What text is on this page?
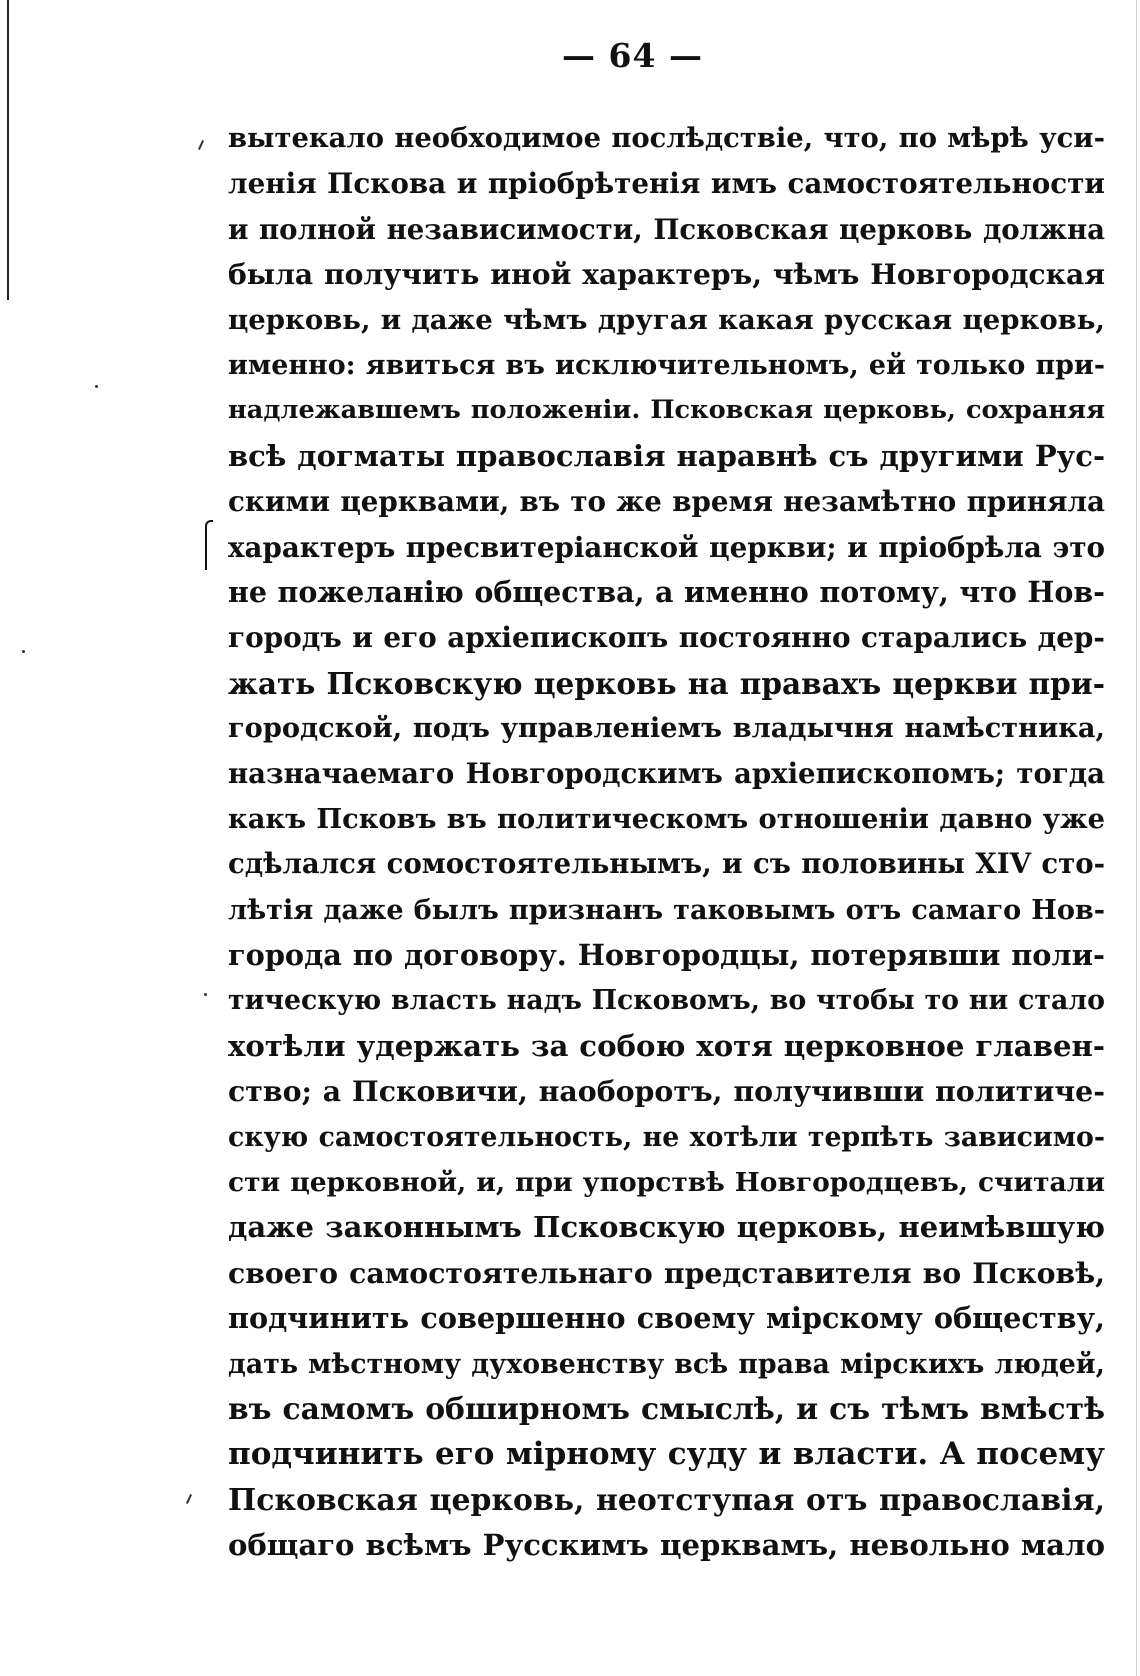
— 64 —
вытекало необходимое послѣдствіе, что, по мѣрѣ уси-
ленія Пскова и пріобрѣтенія имъ самостоятельности
и полной независимости, Псковская церковь должна
была получить иной характеръ, чѣмъ Новгородская
церковь, и даже чѣмъ другая какая русская церковь,
именно: явиться въ исключительномъ, ей только при-
надлежавшемъ положеніи. Псковская церковь, сохраняя
всѣ догматы православія наравнѣ съ другими Рус-
скими церквами, въ то же время незамѣтно приняла
характеръ пресвитеріанской церкви; и пріобрѣла это
не пожеланію общества, а именно потому, что Нов-
городъ и его архіепископъ постоянно старались дер-
жать Псковскую церковь на правахъ церкви при-
городской, подъ управленіемъ владычня намѣстника,
назначаемаго Новгородскимъ архіепископомъ; тогда
какъ Псковъ въ политическомъ отношеніи давно уже
сдѣлался сомостоятельнымъ, и съ половины XIV сто-
лѣтія даже былъ признанъ таковымъ отъ самаго Нов-
города по договору. Новгородцы, потерявши поли-
тическую власть надъ Псковомъ, во чтобы то ни стало
хотѣли удержать за собою хотя церковное главен-
ство; а Псковичи, наоборотъ, получивши политиче-
скую самостоятельность, не хотѣли терпѣть зависимо-
сти церковной, и, при упорствѣ Новгородцевъ, считали
даже законнымъ Псковскую церковь, неимѣвшую
своего самостоятельнаго представителя во Псковѣ,
подчинить совершенно своему мірскому обществу,
дать мѣстному духовенству всѣ права мірскихъ людей,
въ самомъ обширномъ смыслѣ, и съ тѣмъ вмѣстѣ
подчинить его мірному суду и власти. А посему
Псковская церковь, неотступая отъ православія,
общаго всѣмъ Русскимъ церквамъ, невольно мало
